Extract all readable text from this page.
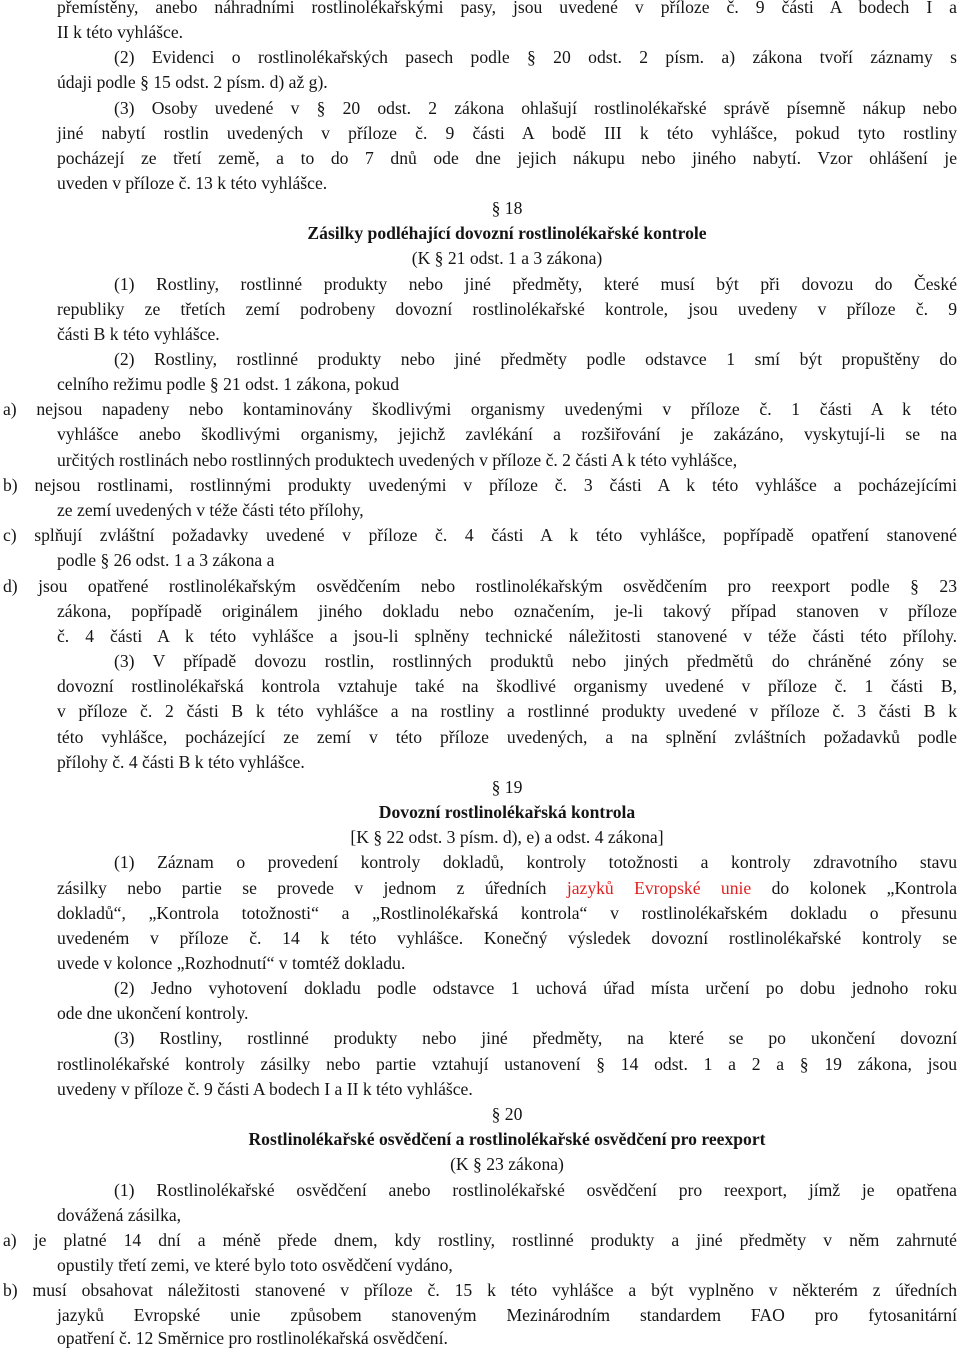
přemístěny, anebo náhradními rostlinolékařskými pasy, jsou uvedené v příloze č. 9 části A bodech I a
II k této vyhlášce.
(2) Evidenci o rostlinolékařských pasech podle § 20 odst. 2 písm. a) zákona tvoří záznamy s
údaji podle § 15 odst. 2 písm. d) až g).
(3) Osoby uvedené v § 20 odst. 2 zákona ohlašují rostlinolékařské správě písemně nákup nebo
jiné nabytí rostlin uvedených v příloze č. 9 části A bodě III k této vyhlášce, pokud tyto rostliny
pocházejí ze třetí země, a to do 7 dnů ode dne jejich nákupu nebo jiného nabytí. Vzor ohlášení je
uveden v příloze č. 13 k této vyhlášce.
§ 18
Zásilky podléhající dovozní rostlinolékařské kontrole
(K § 21 odst. 1 a 3 zákona)
(1) Rostliny, rostlinné produkty nebo jiné předměty, které musí být při dovozu do České
republiky ze třetích zemí podrobeny dovozní rostlinolékařské kontrole, jsou uvedeny v příloze č. 9
části B k této vyhlášce.
(2) Rostliny, rostlinné produkty nebo jiné předměty podle odstavce 1 smí být propuštěny do
celního režimu podle § 21 odst. 1 zákona, pokud
a) nejsou napadeny nebo kontaminovány škodlivými organismy uvedenými v příloze č. 1 části A k této
vyhlášce anebo škodlivými organismy, jejichž zavlékání a rozšiřování je zakázáno, vyskytují-li se na
určitých rostlinách nebo rostlinných produktech uvedených v příloze č. 2 části A k této vyhlášce,
b) nejsou rostlinami, rostlinnými produkty uvedenými v příloze č. 3 části A k této vyhlášce a pocházejícími
ze zemí uvedených v téže části této přílohy,
c) splňují zvláštní požadavky uvedené v příloze č. 4 části A k této vyhlášce, popřípadě opatření stanovené
podle § 26 odst. 1 a 3 zákona a
d) jsou opatřené rostlinolékařským osvědčením nebo rostlinolékařským osvědčením pro reexport podle § 23
zákona, popřípadě originálem jiného dokladu nebo označením, je-li takový případ stanoven v příloze
č. 4 části A k této vyhlášce a jsou-li splněny technické náležitosti stanovené v téže části této přílohy.
(3) V případě dovozu rostlin, rostlinných produktů nebo jiných předmětů do chráněné zóny se
dovozní rostlinolékařská kontrola vztahuje také na škodlivé organismy uvedené v příloze č. 1 části B,
v příloze č. 2 části B k této vyhlášce a na rostliny a rostlinné produkty uvedené v příloze č. 3 části B k
této vyhlášce, pocházející ze zemí v této příloze uvedených, a na splnění zvláštních požadavků podle
přílohy č. 4 části B k této vyhlášce.
§ 19
Dovozní rostlinolékařská kontrola
[K § 22 odst. 3 písm. d), e) a odst. 4 zákona]
(1) Záznam o provedení kontroly dokladů, kontroly totožnosti a kontroly zdravotního stavu
zásilky nebo partie se provede v jednom z úředních jazyků Evropské unie do kolonek „Kontrola
dokladů“, „Kontrola totožnosti“ a „Rostlinolékařská kontrola“ v rostlinolékařském dokladu o přesunu
uvedeném v příloze č. 14 k této vyhlášce. Konečný výsledek dovozní rostlinolékařské kontroly se
uvede v kolonce „Rozhodnutí“ v tomtéž dokladu.
(2) Jedno vyhotovení dokladu podle odstavce 1 uchová úřad místa určení po dobu jednoho roku
ode dne ukončení kontroly.
(3) Rostliny, rostlinné produkty nebo jiné předměty, na které se po ukončení dovozní
rostlinolékařské kontroly zásilky nebo partie vztahují ustanovení § 14 odst. 1 a 2 a § 19 zákona, jsou
uvedeny v příloze č. 9 části A bodech I a II k této vyhlášce.
§ 20
Rostlinolékařské osvědčení a rostlinolékařské osvědčení pro reexport
(K § 23 zákona)
(1) Rostlinolékařské osvědčení anebo rostlinolékařské osvědčení pro reexport, jímž je opatřena
dovážená zásilka,
a) je platné 14 dní a méně přede dnem, kdy rostliny, rostlinné produkty a jiné předměty v něm zahrnuté
opustily třetí zemi, ve které bylo toto osvědčení vydáno,
b) musí obsahovat náležitosti stanovené v příloze č. 15 k této vyhlášce a být vyplněno v některém z úředních
jazyků Evropské unie způsobem stanoveným Mezinárodním standardem FAO pro fytosanitární
opatření č. 12 Směrnice pro rostlinolékařská osvědčení.
